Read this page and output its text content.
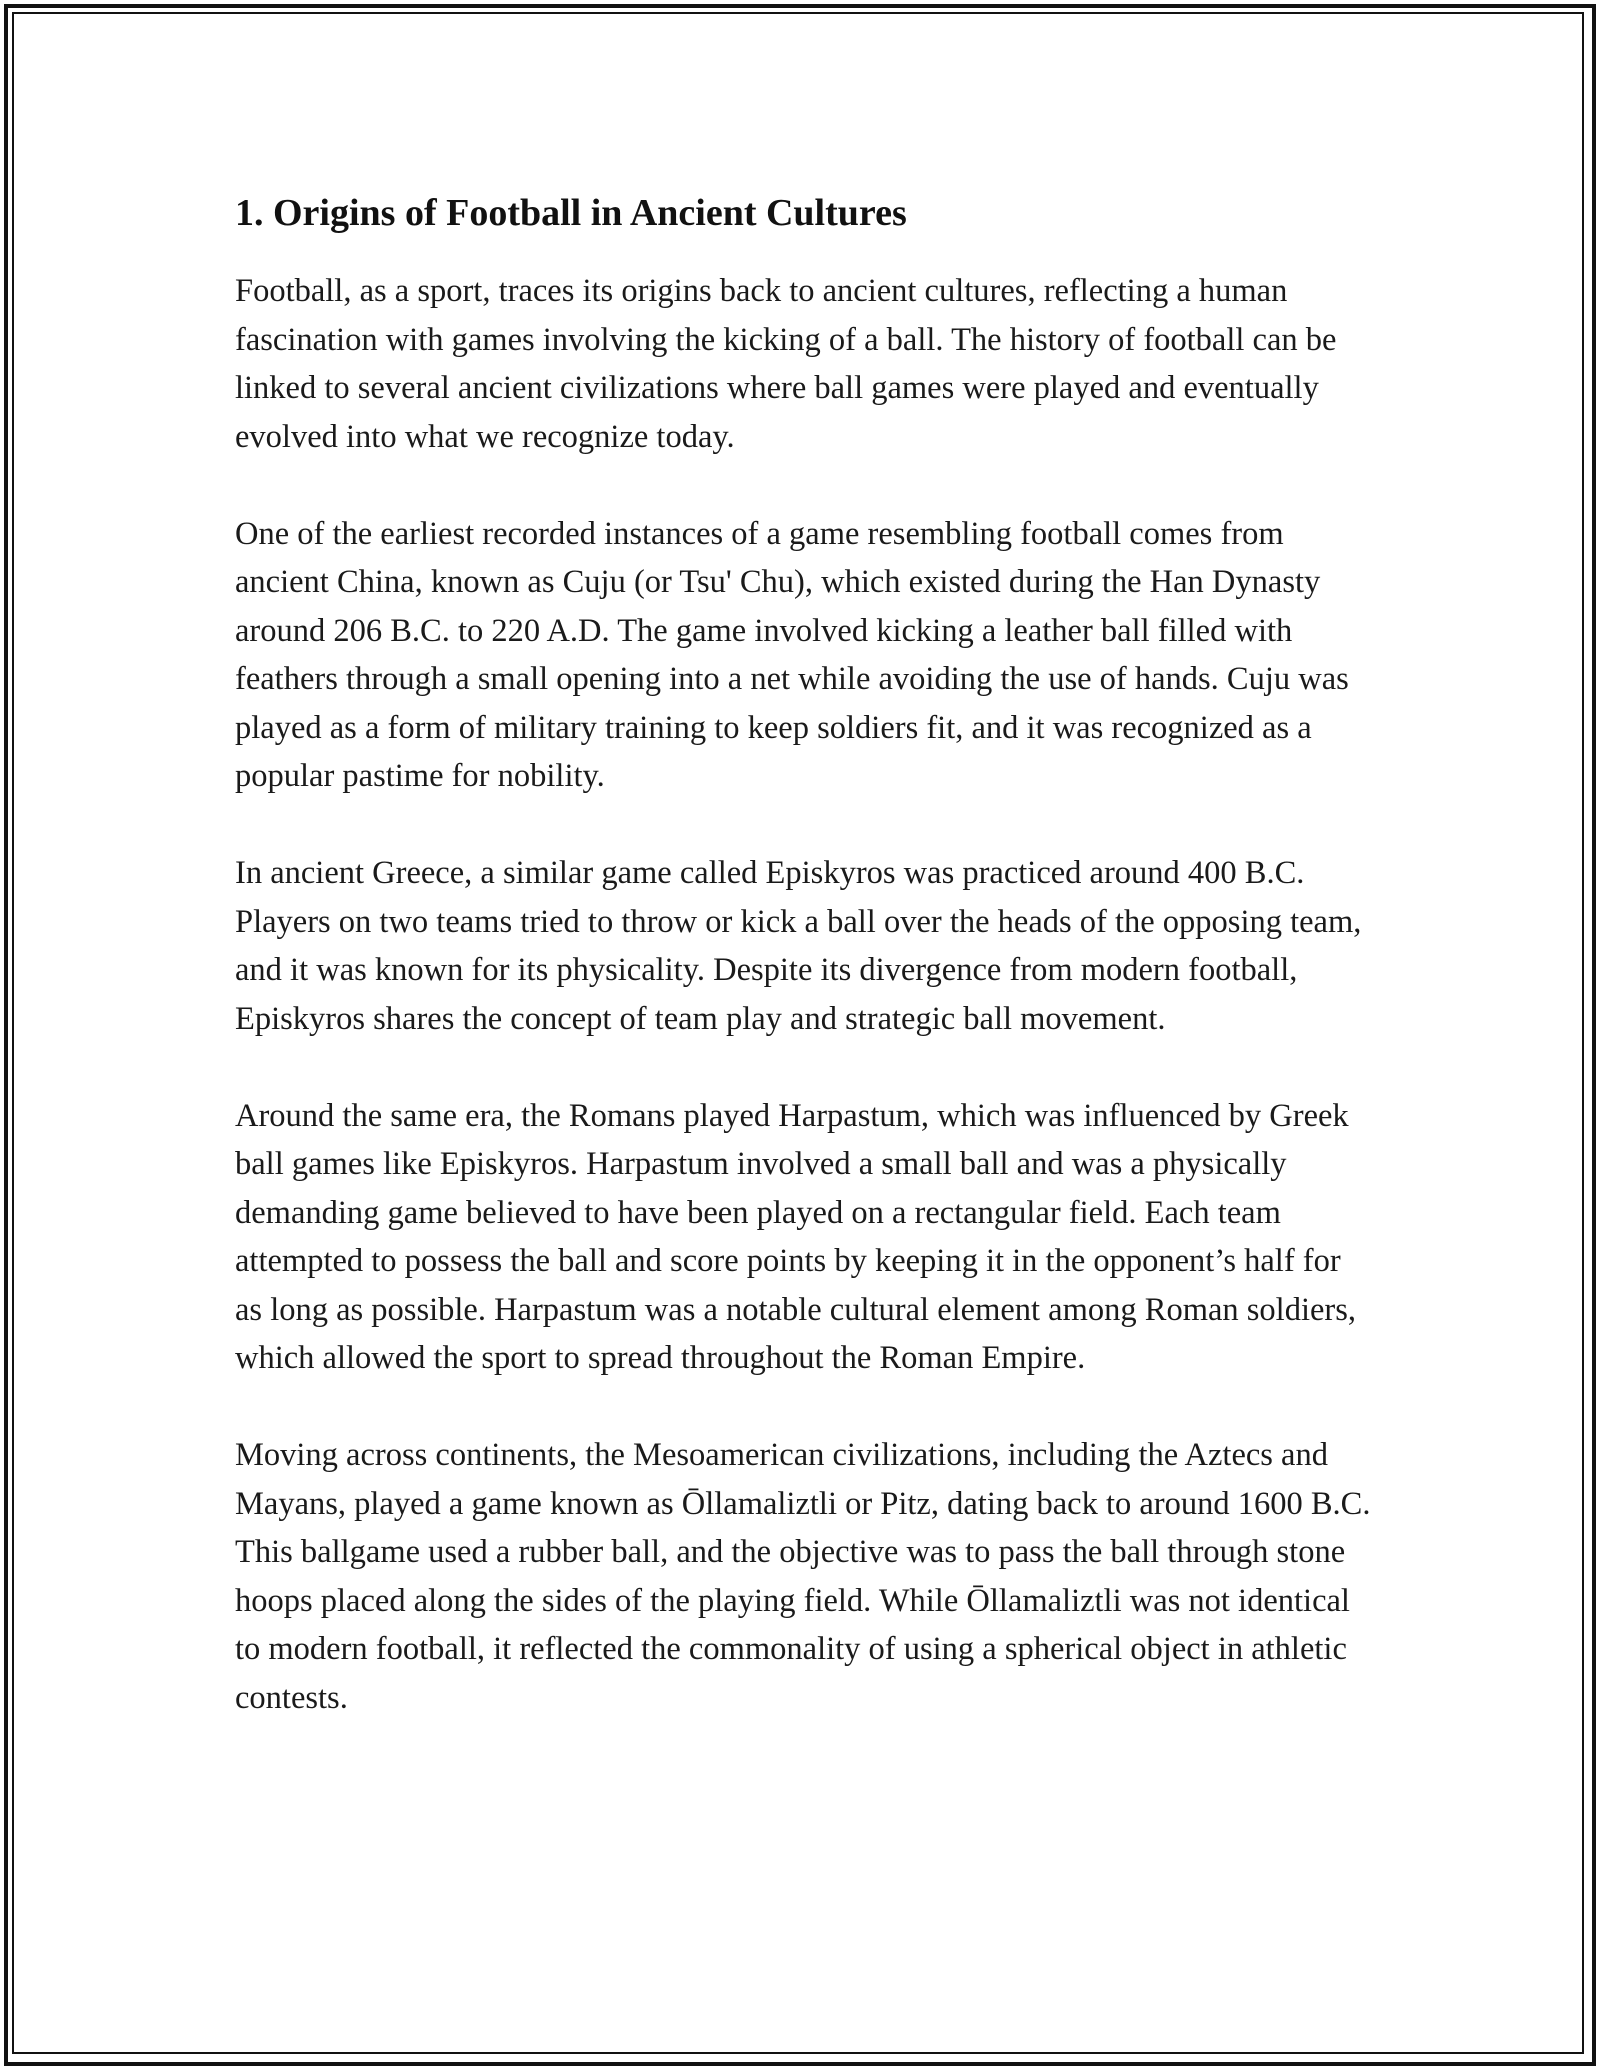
1. Origins of Football in Ancient Cultures

Football, as a sport, traces its origins back to ancient cultures, reflecting a human fascination with games involving the kicking of a ball. The history of football can be linked to several ancient civilizations where ball games were played and eventually evolved into what we recognize today.

One of the earliest recorded instances of a game resembling football comes from ancient China, known as Cuju (or Tsu' Chu), which existed during the Han Dynasty around 206 B.C. to 220 A.D. The game involved kicking a leather ball filled with feathers through a small opening into a net while avoiding the use of hands. Cuju was played as a form of military training to keep soldiers fit, and it was recognized as a popular pastime for nobility.

In ancient Greece, a similar game called Episkyros was practiced around 400 B.C. Players on two teams tried to throw or kick a ball over the heads of the opposing team, and it was known for its physicality. Despite its divergence from modern football, Episkyros shares the concept of team play and strategic ball movement.

Around the same era, the Romans played Harpastum, which was influenced by Greek ball games like Episkyros. Harpastum involved a small ball and was a physically demanding game believed to have been played on a rectangular field. Each team attempted to possess the ball and score points by keeping it in the opponent’s half for as long as possible. Harpastum was a notable cultural element among Roman soldiers, which allowed the sport to spread throughout the Roman Empire.

Moving across continents, the Mesoamerican civilizations, including the Aztecs and Mayans, played a game known as Ōllamaliztli or Pitz, dating back to around 1600 B.C. This ballgame used a rubber ball, and the objective was to pass the ball through stone hoops placed along the sides of the playing field. While Ōllamaliztli was not identical to modern football, it reflected the commonality of using a spherical object in athletic contests.
